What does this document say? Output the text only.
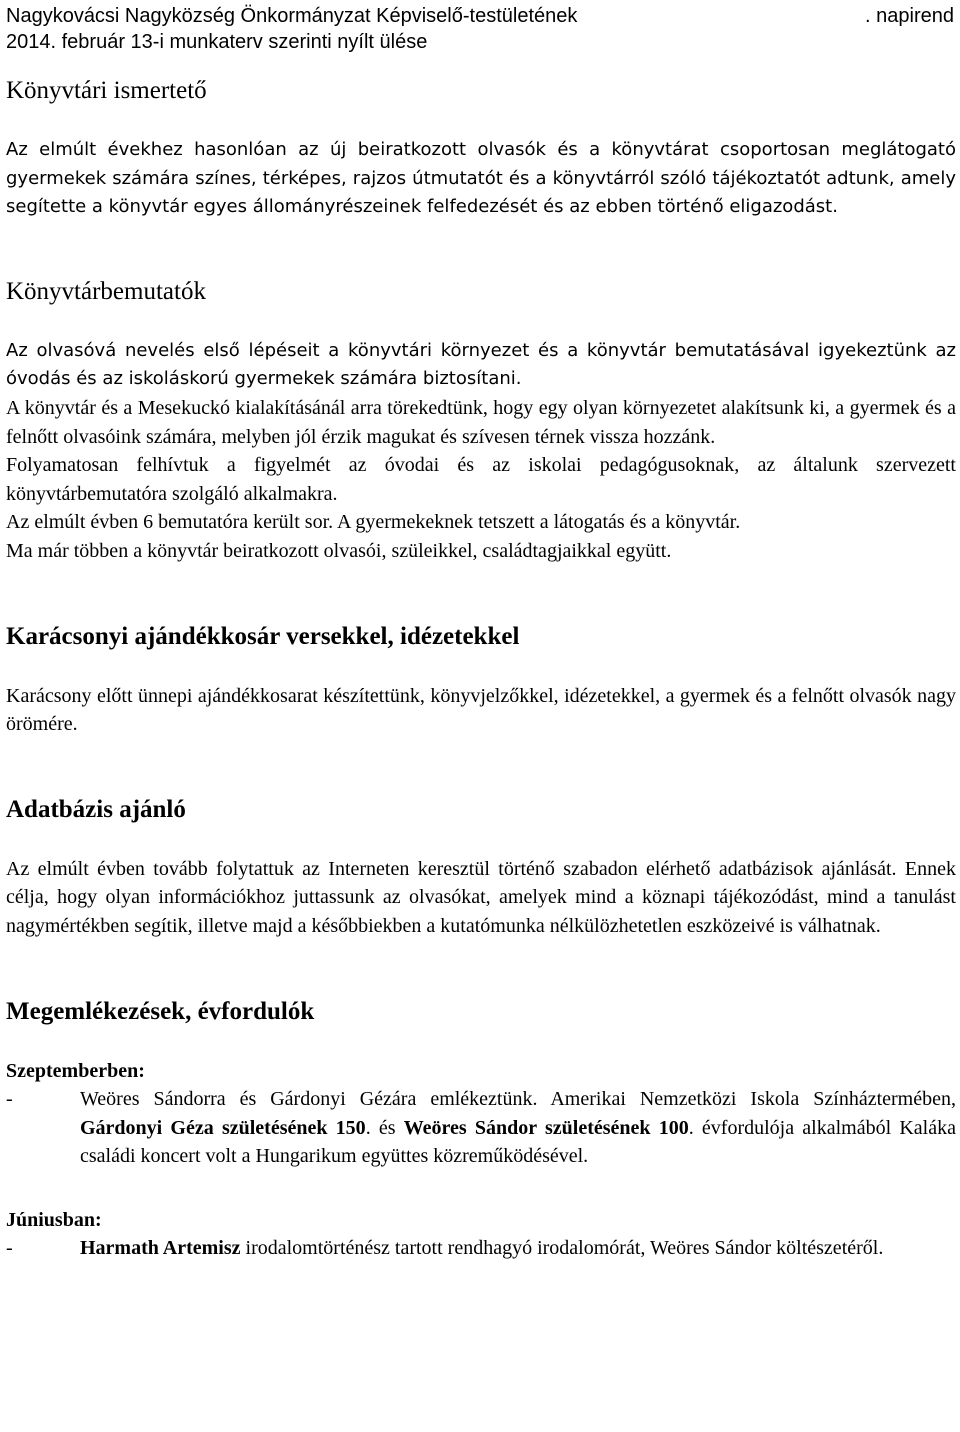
Nagykovácsi Nagyközség Önkormányzat Képviselő-testületének	. napirend
2014. február 13-i munkaterv szerinti nyílt ülése
Könyvtári ismertető

Az elmúlt évekhez hasonlóan az új beiratkozott olvasók és a könyvtárat csoportosan meglátogató gyermekek számára színes, térképes, rajzos útmutatót és a könyvtárról szóló tájékoztatót adtunk, amely segítette a könyvtár egyes állományrészeinek felfedezését és az ebben történő eligazodást.

Könyvtárbemutatók

Az olvasóvá nevelés első lépéseit a könyvtári környezet és a könyvtár bemutatásával igyekeztünk az óvodás és az iskoláskorú gyermekek számára biztosítani.

A könyvtár és a Mesekuckó kialakításánál arra törekedtünk, hogy egy olyan környezetet alakítsunk ki, a gyermek és a felnőtt olvasóink számára, melyben jól érzik magukat és szívesen térnek vissza hozzánk.

Folyamatosan felhívtuk a figyelmét az óvodai és az iskolai pedagógusoknak, az általunk szervezett könyvtárbemutatóra szolgáló alkalmakra.

Az elmúlt évben 6 bemutatóra került sor. A gyermekeknek tetszett a látogatás és a könyvtár.

Ma már többen a könyvtár beiratkozott olvasói, szüleikkel, családtagjaikkal együtt.

Karácsonyi ajándékkosár versekkel, idézetekkel

Karácsony előtt ünnepi ajándékkosarat készítettünk, könyvjelzőkkel, idézetekkel, a gyermek és a felnőtt olvasók nagy örömére.

Adatbázis ajánló

Az elmúlt évben tovább folytattuk az Interneten keresztül történő szabadon elérhető adatbázisok ajánlását. Ennek célja, hogy olyan információkhoz juttassunk az olvasókat, amelyek mind a köznapi tájékozódást, mind a tanulást nagymértékben segítik, illetve majd a későbbiekben a kutatómunka nélkülözhetetlen eszközeivé is válhatnak.

Megemlékezések, évfordulók

Szeptemberben:

-	Weöres Sándorra és Gárdonyi Gézára emlékeztünk. Amerikai Nemzetközi Iskola Színháztermében, Gárdonyi Géza születésének 150. és Weöres Sándor születésének 100. évfordulója alkalmából Kaláka családi koncert volt a Hungarikum együttes közreműködésével.

Júniusban:

-	Harmath Artemisz irodalomtörténész tartott rendhagyó irodalomórát, Weöres Sándor költészetéről.
